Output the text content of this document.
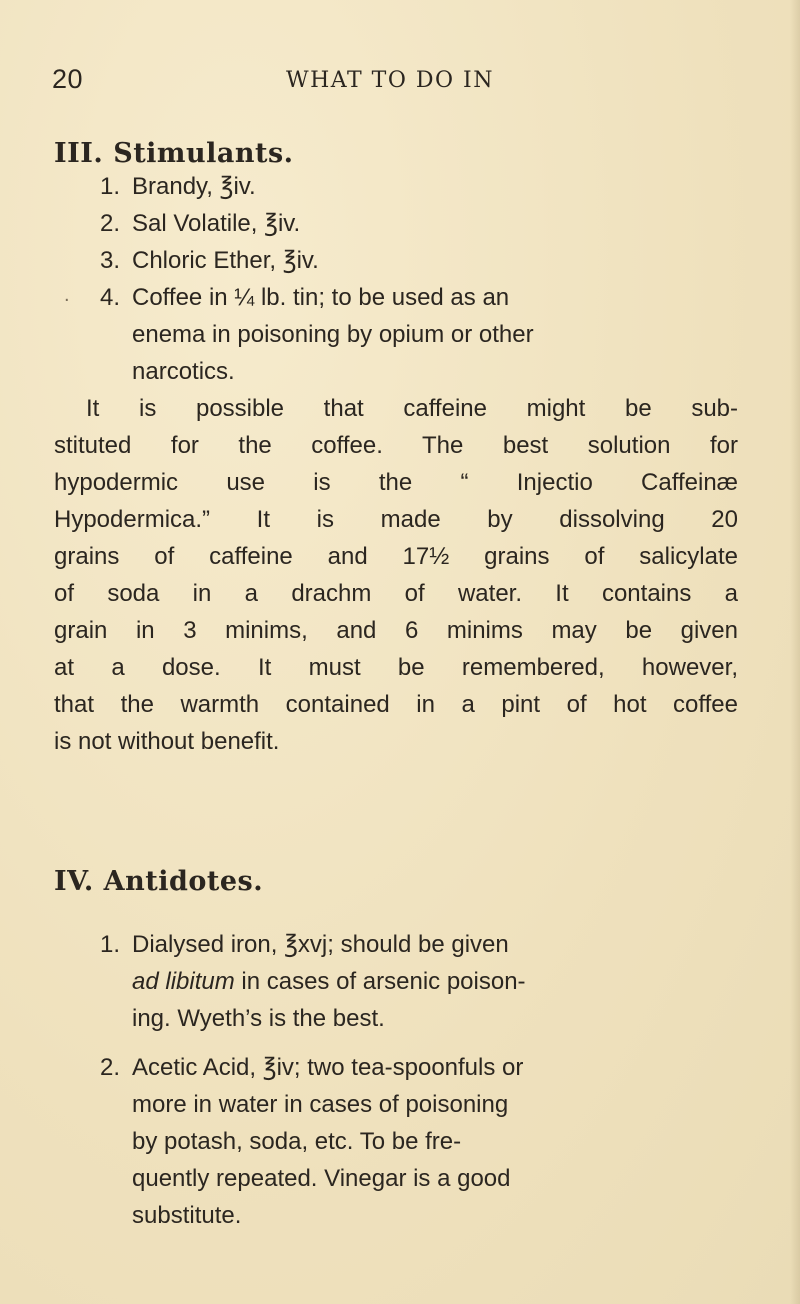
20	WHAT TO DO IN
III. Stimulants.
1. Brandy, ℥iv.
2. Sal Volatile, ℥iv.
3. Chloric Ether, ℥iv.
. 4. Coffee in ¼ lb. tin; to be used as an
enema in poisoning by opium or other
narcotics.
It is possible that caffeine might be sub-
stituted for the coffee. The best solution for
hypodermic use is the “ Injectio Caffeinæ
Hypodermica.” It is made by dissolving 20
grains of caffeine and 17½ grains of salicylate
of soda in a drachm of water. It contains a
grain in 3 minims, and 6 minims may be given
at a dose. It must be remembered, however,
that the warmth contained in a pint of hot coffee
is not without benefit.
IV. Antidotes.
1. Dialysed iron, ℥xvj; should be given
ad libitum in cases of arsenic poison-
ing. Wyeth’s is the best.
2. Acetic Acid, ℥iv; two tea-spoonfuls or
more in water in cases of poisoning
by potash, soda, etc. To be fre-
quently repeated. Vinegar is a good
substitute.
